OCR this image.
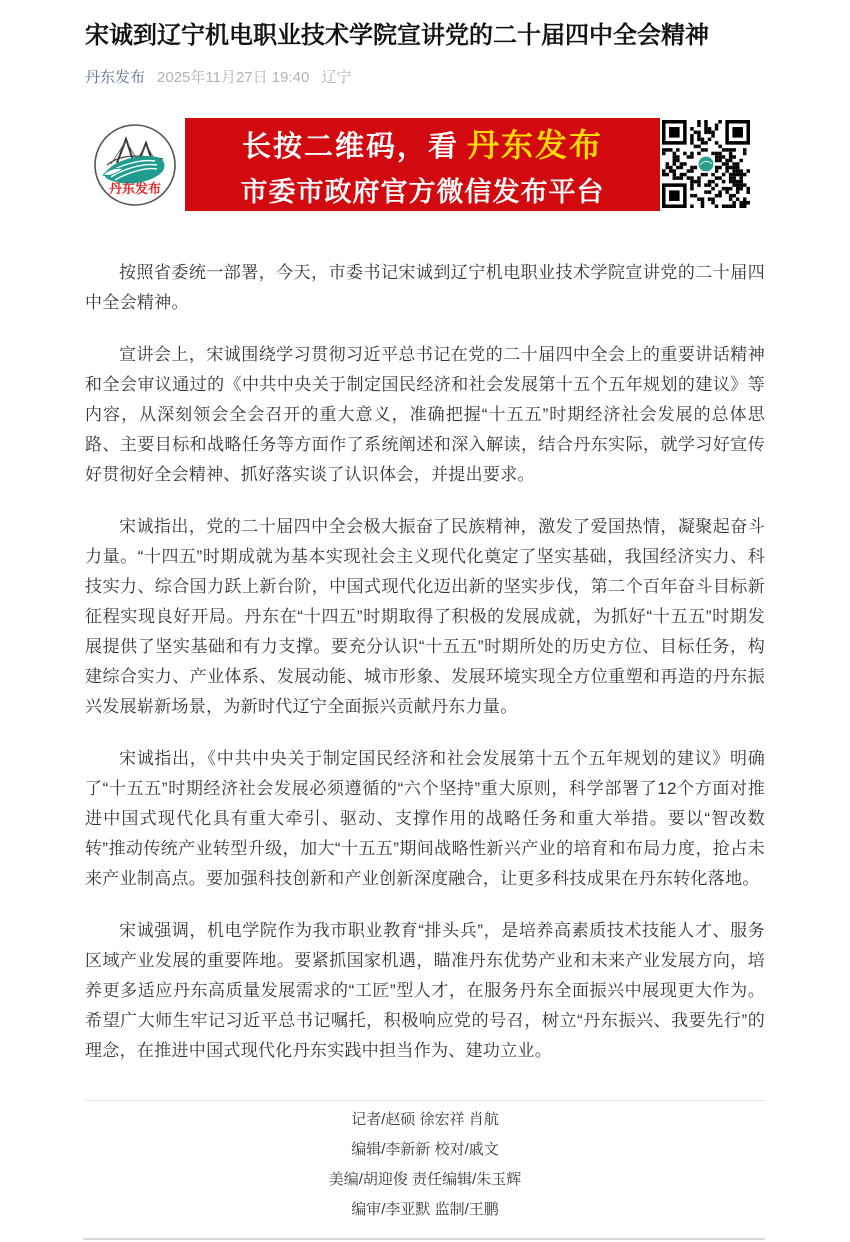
宋诚到辽宁机电职业技术学院宣讲党的二十届四中全会精神
丹东发布 2025年11月27日 19:40 辽宁
丹东发布
长按二维码，看 丹东发布
市委市政府官方微信发布平台

按照省委统一部署，今天，市委书记宋诚到辽宁机电职业技术学院宣讲党的二十届四中全会精神。

宣讲会上，宋诚围绕学习贯彻习近平总书记在党的二十届四中全会上的重要讲话精神和全会审议通过的《中共中央关于制定国民经济和社会发展第十五个五年规划的建议》等内容，从深刻领会全会召开的重大意义，准确把握“十五五”时期经济社会发展的总体思路、主要目标和战略任务等方面作了系统阐述和深入解读，结合丹东实际，就学习好宣传好贯彻好全会精神、抓好落实谈了认识体会，并提出要求。

宋诚指出，党的二十届四中全会极大振奋了民族精神，激发了爱国热情，凝聚起奋斗力量。“十四五”时期成就为基本实现社会主义现代化奠定了坚实基础，我国经济实力、科技实力、综合国力跃上新台阶，中国式现代化迈出新的坚实步伐，第二个百年奋斗目标新征程实现良好开局。丹东在“十四五”时期取得了积极的发展成就，为抓好“十五五”时期发展提供了坚实基础和有力支撑。要充分认识“十五五”时期所处的历史方位、目标任务，构建综合实力、产业体系、发展动能、城市形象、发展环境实现全方位重塑和再造的丹东振兴发展崭新场景，为新时代辽宁全面振兴贡献丹东力量。

宋诚指出，《中共中央关于制定国民经济和社会发展第十五个五年规划的建议》明确了“十五五”时期经济社会发展必须遵循的“六个坚持”重大原则，科学部署了12个方面对推进中国式现代化具有重大牵引、驱动、支撑作用的战略任务和重大举措。要以“智改数转”推动传统产业转型升级，加大“十五五”期间战略性新兴产业的培育和布局力度，抢占未来产业制高点。要加强科技创新和产业创新深度融合，让更多科技成果在丹东转化落地。

宋诚强调，机电学院作为我市职业教育“排头兵”，是培养高素质技术技能人才、服务区域产业发展的重要阵地。要紧抓国家机遇，瞄准丹东优势产业和未来产业发展方向，培养更多适应丹东高质量发展需求的“工匠”型人才，在服务丹东全面振兴中展现更大作为。希望广大师生牢记习近平总书记嘱托，积极响应党的号召，树立“丹东振兴、我要先行”的理念，在推进中国式现代化丹东实践中担当作为、建功立业。

记者/赵硕 徐宏祥 肖航

编辑/李新新 校对/戚文

美编/胡迎俊 责任编辑/朱玉辉

编审/李亚默 监制/王鹏
